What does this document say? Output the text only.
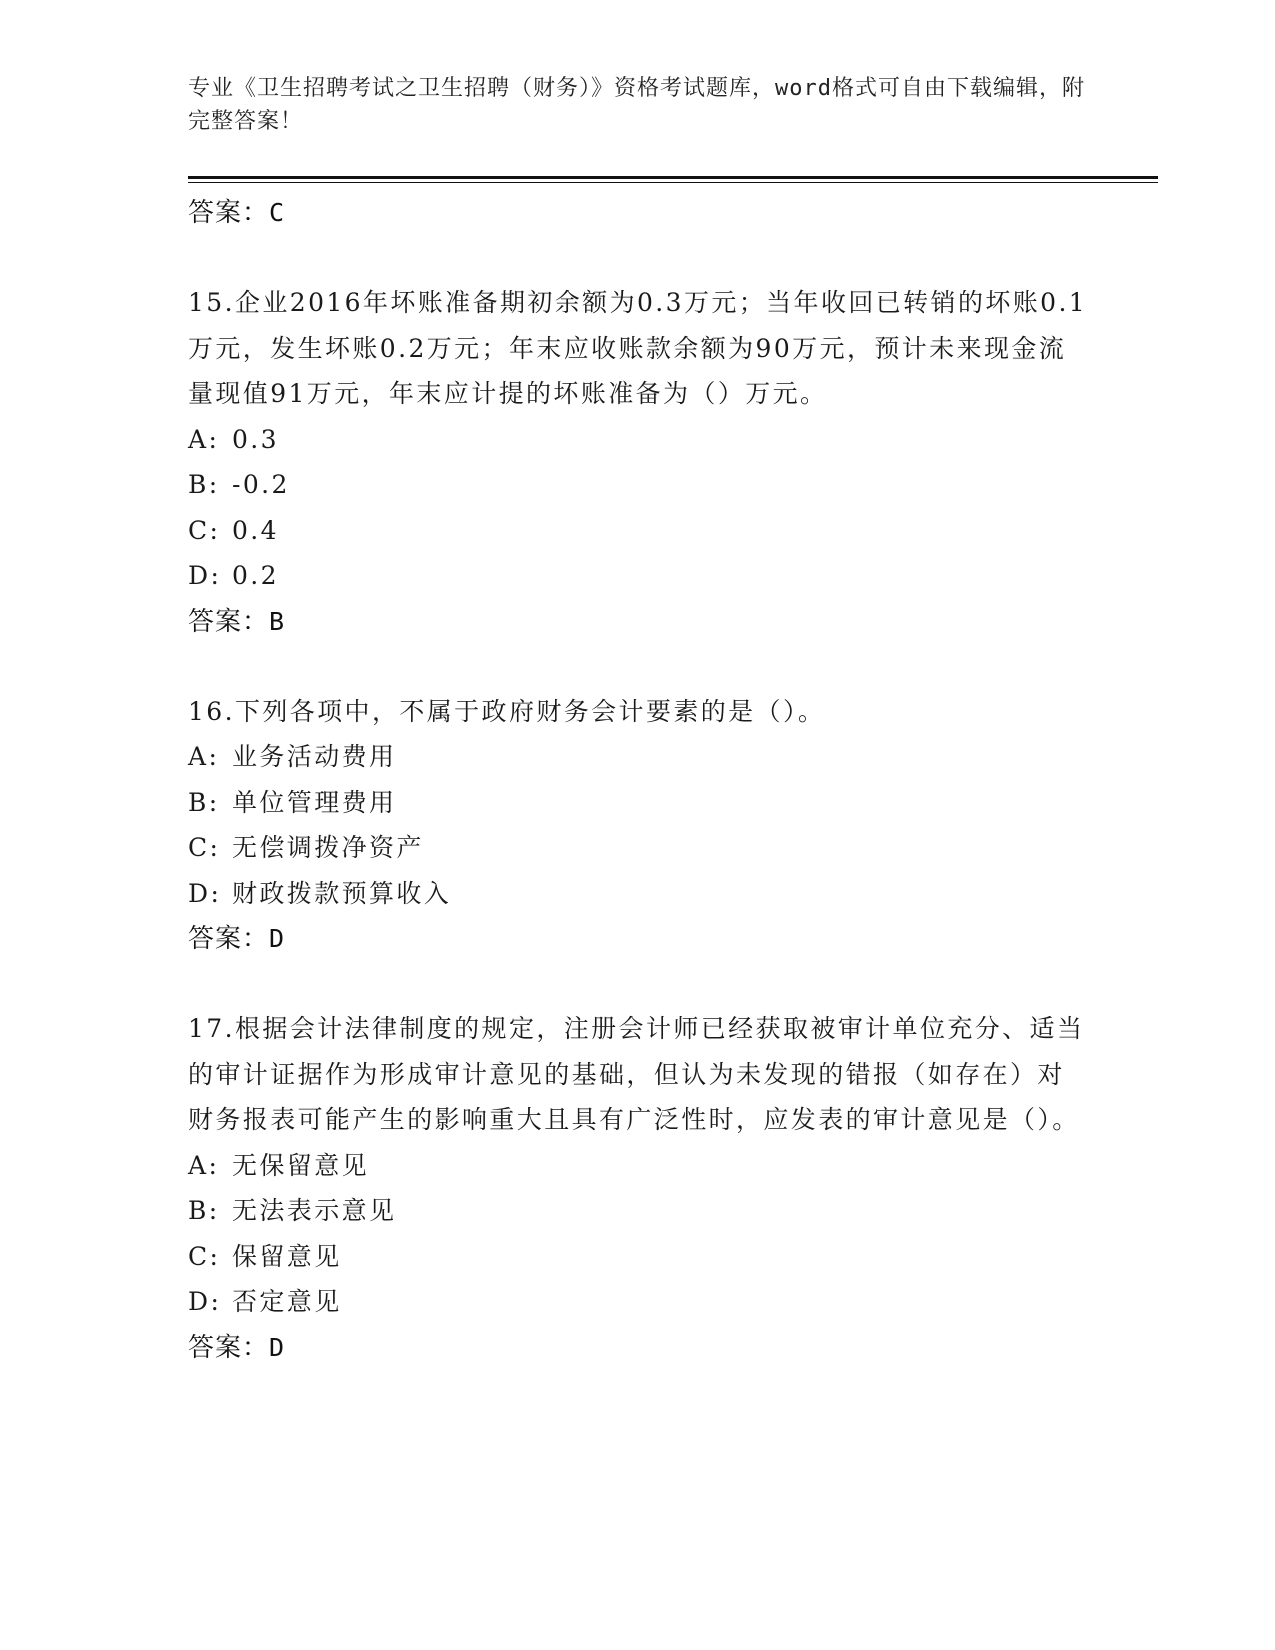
专业《卫生招聘考试之卫生招聘（财务）》资格考试题库，word格式可自由下载编辑，附完整答案！

答案：C

15.企业2016年坏账准备期初余额为0.3万元；当年收回已转销的坏账0.1万元，发生坏账0.2万元；年末应收账款余额为90万元，预计未来现金流量现值91万元，年末应计提的坏账准备为（）万元。

A: 0.3

B: -0.2

C: 0.4

D: 0.2

答案：B

16.下列各项中，不属于政府财务会计要素的是（）。

A: 业务活动费用

B: 单位管理费用

C: 无偿调拨净资产

D: 财政拨款预算收入

答案：D

17.根据会计法律制度的规定，注册会计师已经获取被审计单位充分、适当的审计证据作为形成审计意见的基础，但认为未发现的错报（如存在）对财务报表可能产生的影响重大且具有广泛性时，应发表的审计意见是（）。

A: 无保留意见

B: 无法表示意见

C: 保留意见

D: 否定意见

答案：D
